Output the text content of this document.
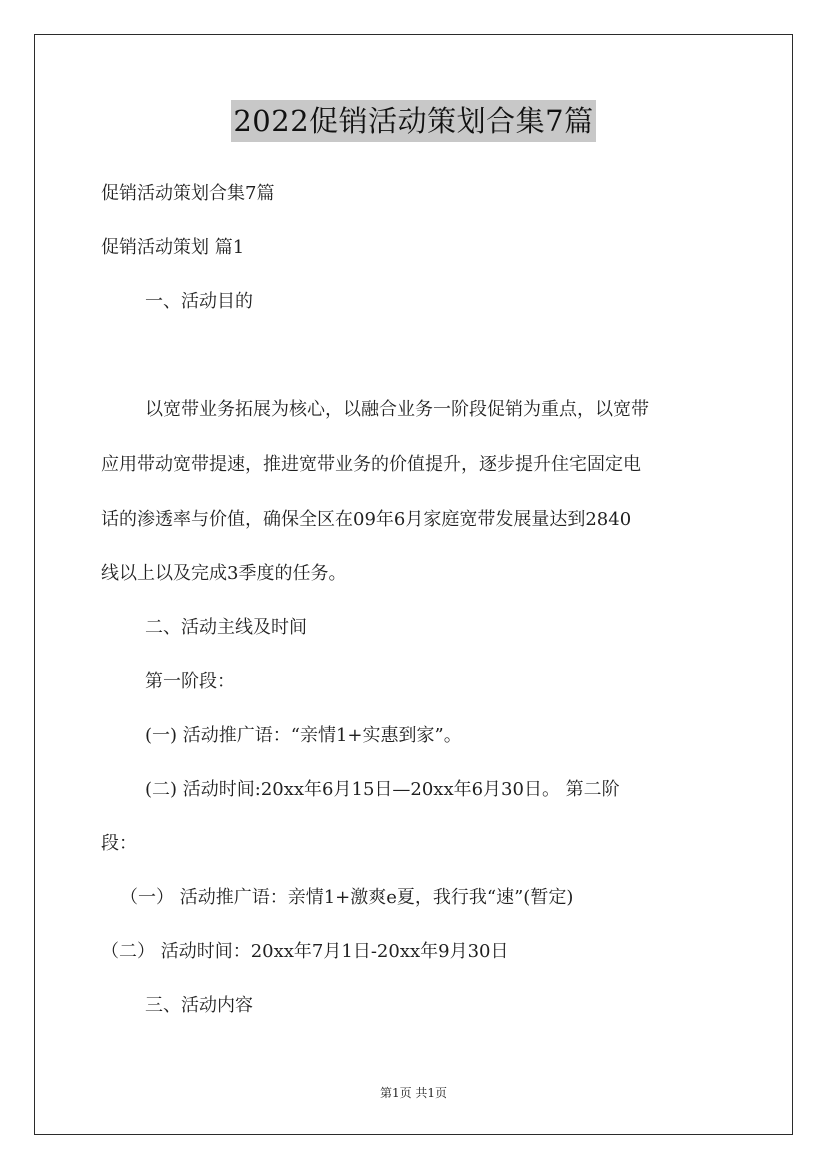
2022促销活动策划合集7篇
促销活动策划合集7篇
促销活动策划 篇1
一、活动目的
以宽带业务拓展为核心，以融合业务一阶段促销为重点，以宽带
应用带动宽带提速，推进宽带业务的价值提升，逐步提升住宅固定电
话的渗透率与价值，确保全区在09年6月家庭宽带发展量达到2840
线以上以及完成3季度的任务。
二、活动主线及时间
第一阶段：
(一) 活动推广语：“亲情1+实惠到家”。
(二) 活动时间:20xx年6月15日—20xx年6月30日。 第二阶
段：
（一） 活动推广语：亲情1+激爽e夏，我行我“速”(暂定)
（二） 活动时间：20xx年7月1日-20xx年9月30日
三、活动内容
第1页 共1页
